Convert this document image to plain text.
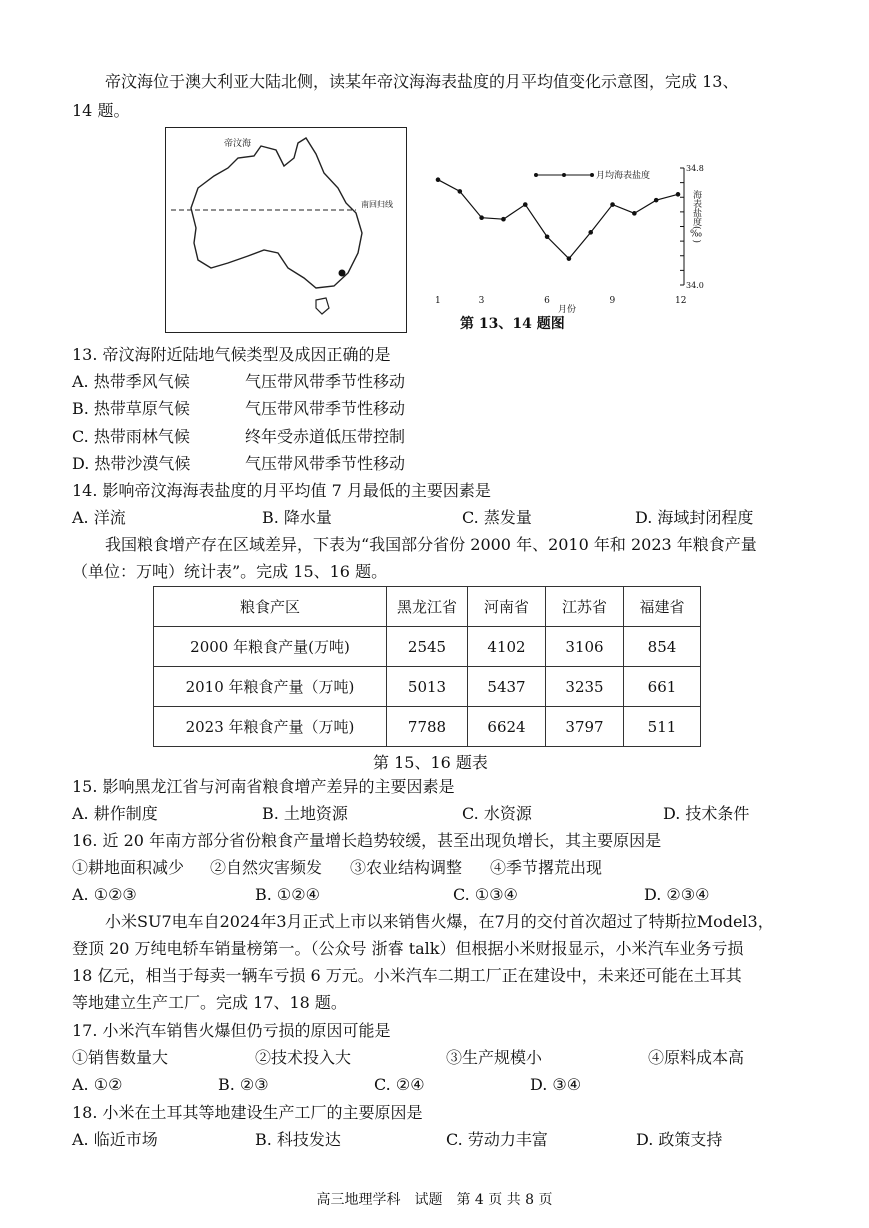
帝汶海位于澳大利亚大陆北侧，读某年帝汶海海表盐度的月平均值变化示意图，完成 13、
14 题。
帝汶海
南回归线
34.8
34.0
海表盐度(‰)
1	3	6	9	12
月均海表盐度
月份
第 13、14 题图
13. 帝汶海附近陆地气候类型及成因正确的是
A. 热带季风气候	气压带风带季节性移动
B. 热带草原气候	气压带风带季节性移动
C. 热带雨林气候	终年受赤道低压带控制
D. 热带沙漠气候	气压带风带季节性移动
14. 影响帝汶海海表盐度的月平均值 7 月最低的主要因素是
A. 洋流	B. 降水量	C. 蒸发量	D. 海域封闭程度
我国粮食增产存在区域差异，下表为“我国部分省份 2000 年、2010 年和 2023 年粮食产量
（单位：万吨）统计表”。完成 15、16 题。
粮食产区	黑龙江省	河南省	江苏省	福建省
2000 年粮食产量(万吨)	2545	4102	3106	854
2010 年粮食产量（万吨)	5013	5437	3235	661
2023 年粮食产量（万吨)	7788	6624	3797	511
第 15、16 题表
15. 影响黑龙江省与河南省粮食增产差异的主要因素是
A. 耕作制度	B. 土地资源	C. 水资源	D. 技术条件
16. 近 20 年南方部分省份粮食产量增长趋势较缓，甚至出现负增长，其主要原因是
①耕地面积减少 ②自然灾害频发 ③农业结构调整 ④季节撂荒出现
A. ①②③	B. ①②④	C. ①③④	D. ②③④
小米SU7电车自2024年3月正式上市以来销售火爆，在7月的交付首次超过了特斯拉Model3，
登顶 20 万纯电轿车销量榜第一。（公众号 浙睿 talk）但根据小米财报显示，小米汽车业务亏损
18 亿元，相当于每卖一辆车亏损 6 万元。小米汽车二期工厂正在建设中，未来还可能在土耳其
等地建立生产工厂。完成 17、18 题。
17. 小米汽车销售火爆但仍亏损的原因可能是
①销售数量大	②技术投入大	③生产规模小	④原料成本高
A. ①②	B. ②③	C. ②④	D. ③④
18. 小米在土耳其等地建设生产工厂的主要原因是
A. 临近市场	B. 科技发达	C. 劳动力丰富	D. 政策支持
高三地理学科　试题　第 4 页 共 8 页
